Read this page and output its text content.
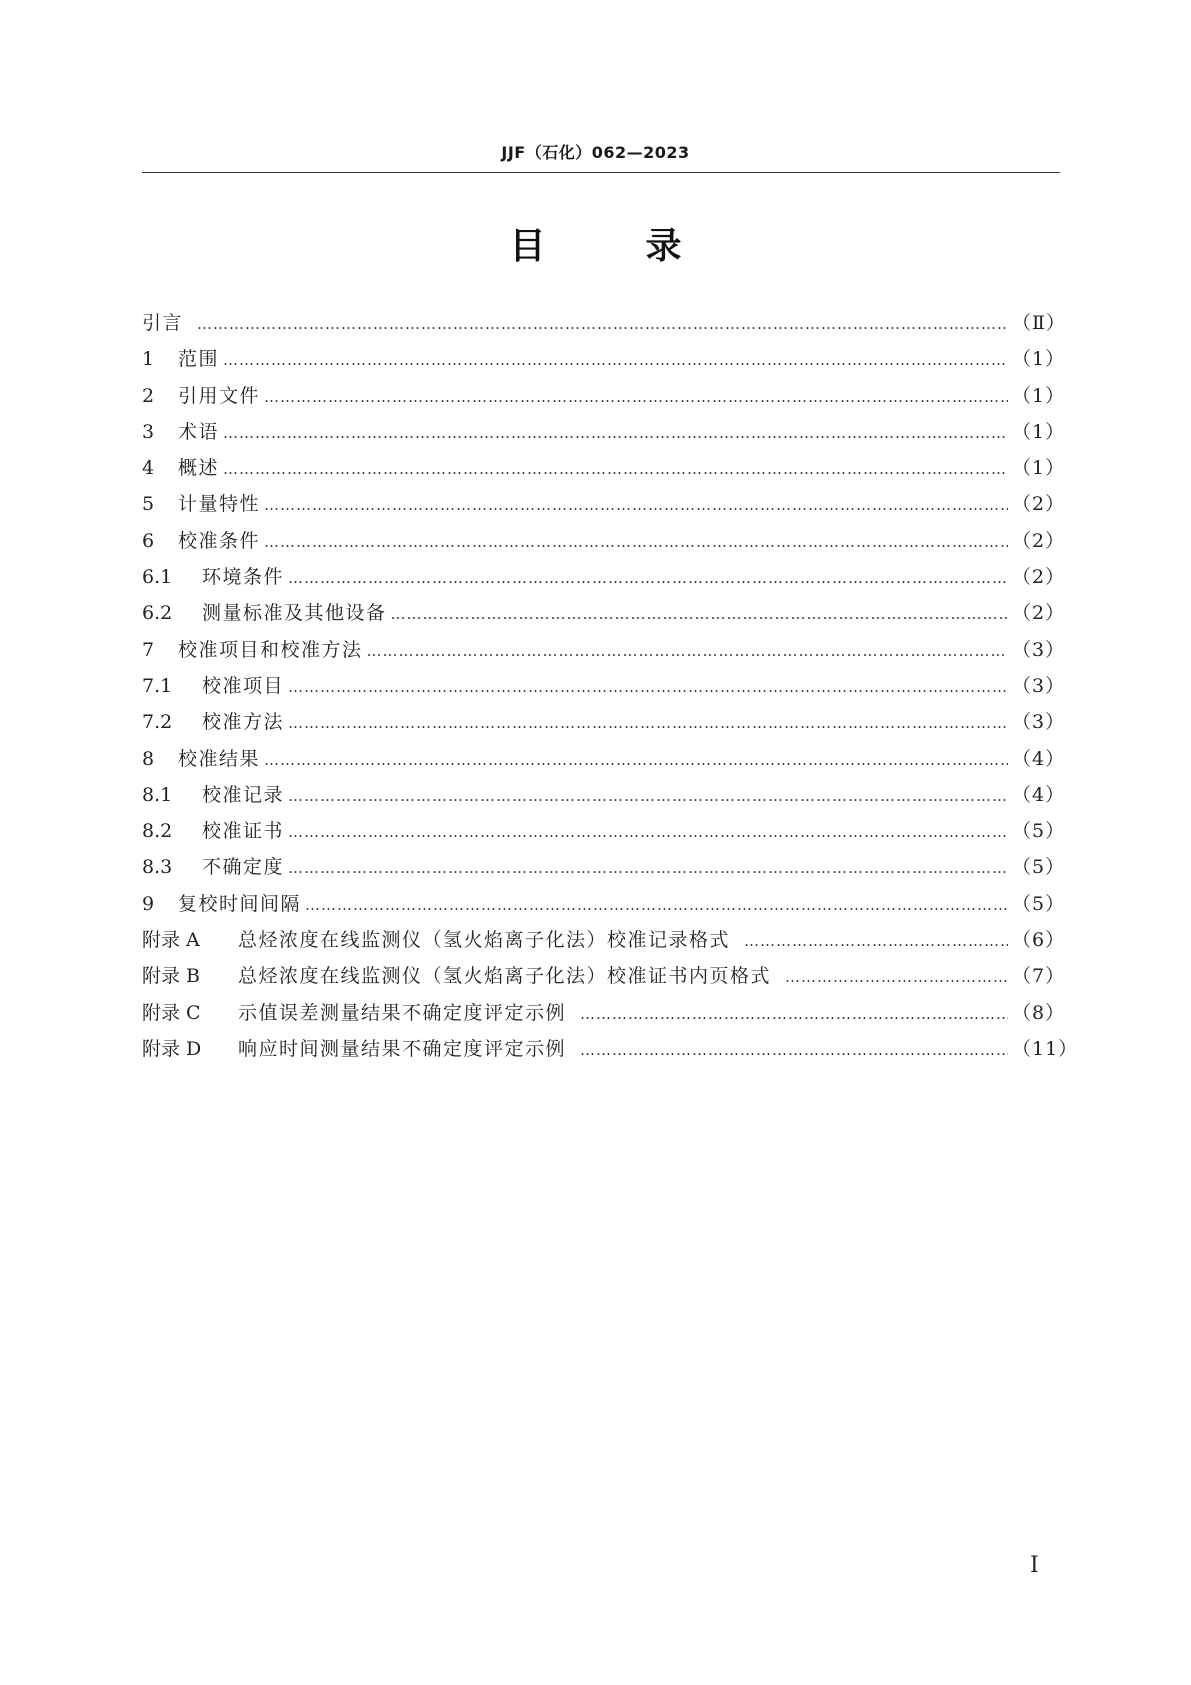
JJF（石化）062—2023
目	录
引言 ……………………………………………………………………………………………………………………………………………………………………………………………………………………	（Ⅱ）
1	范围 ……………………………………………………………………………………………………………………………………………………………………………………………………………………	（1）
2	引用文件 ……………………………………………………………………………………………………………………………………………………………………………………………………………………	（1）
3	术语 ……………………………………………………………………………………………………………………………………………………………………………………………………………………	（1）
4	概述 ……………………………………………………………………………………………………………………………………………………………………………………………………………………	（1）
5	计量特性 ……………………………………………………………………………………………………………………………………………………………………………………………………………………	（2）
6	校准条件 ……………………………………………………………………………………………………………………………………………………………………………………………………………………	（2）
6.1	环境条件 ……………………………………………………………………………………………………………………………………………………………………………………………………………………	（2）
6.2	测量标准及其他设备 ……………………………………………………………………………………………………………………………………………………………………………………………………………………	（2）
7	校准项目和校准方法 ……………………………………………………………………………………………………………………………………………………………………………………………………………………	（3）
7.1	校准项目 ……………………………………………………………………………………………………………………………………………………………………………………………………………………	（3）
7.2	校准方法 ……………………………………………………………………………………………………………………………………………………………………………………………………………………	（3）
8	校准结果 ……………………………………………………………………………………………………………………………………………………………………………………………………………………	（4）
8.1	校准记录 ……………………………………………………………………………………………………………………………………………………………………………………………………………………	（4）
8.2	校准证书 ……………………………………………………………………………………………………………………………………………………………………………………………………………………	（5）
8.3	不确定度 ……………………………………………………………………………………………………………………………………………………………………………………………………………………	（5）
9	复校时间间隔 ……………………………………………………………………………………………………………………………………………………………………………………………………………………	（5）
附录 A	总烃浓度在线监测仪（氢火焰离子化法）校准记录格式 ……………………………………………………………………………………………………………………………………………………………………………………………………………………	（6）
附录 B	总烃浓度在线监测仪（氢火焰离子化法）校准证书内页格式 ……………………………………………………………………………………………………………………………………………………………………………………………………………………	（7）
附录 C	示值误差测量结果不确定度评定示例 ……………………………………………………………………………………………………………………………………………………………………………………………………………………	（8）
附录 D	响应时间测量结果不确定度评定示例 ……………………………………………………………………………………………………………………………………………………………………………………………………………………	（11）
Ⅰ
